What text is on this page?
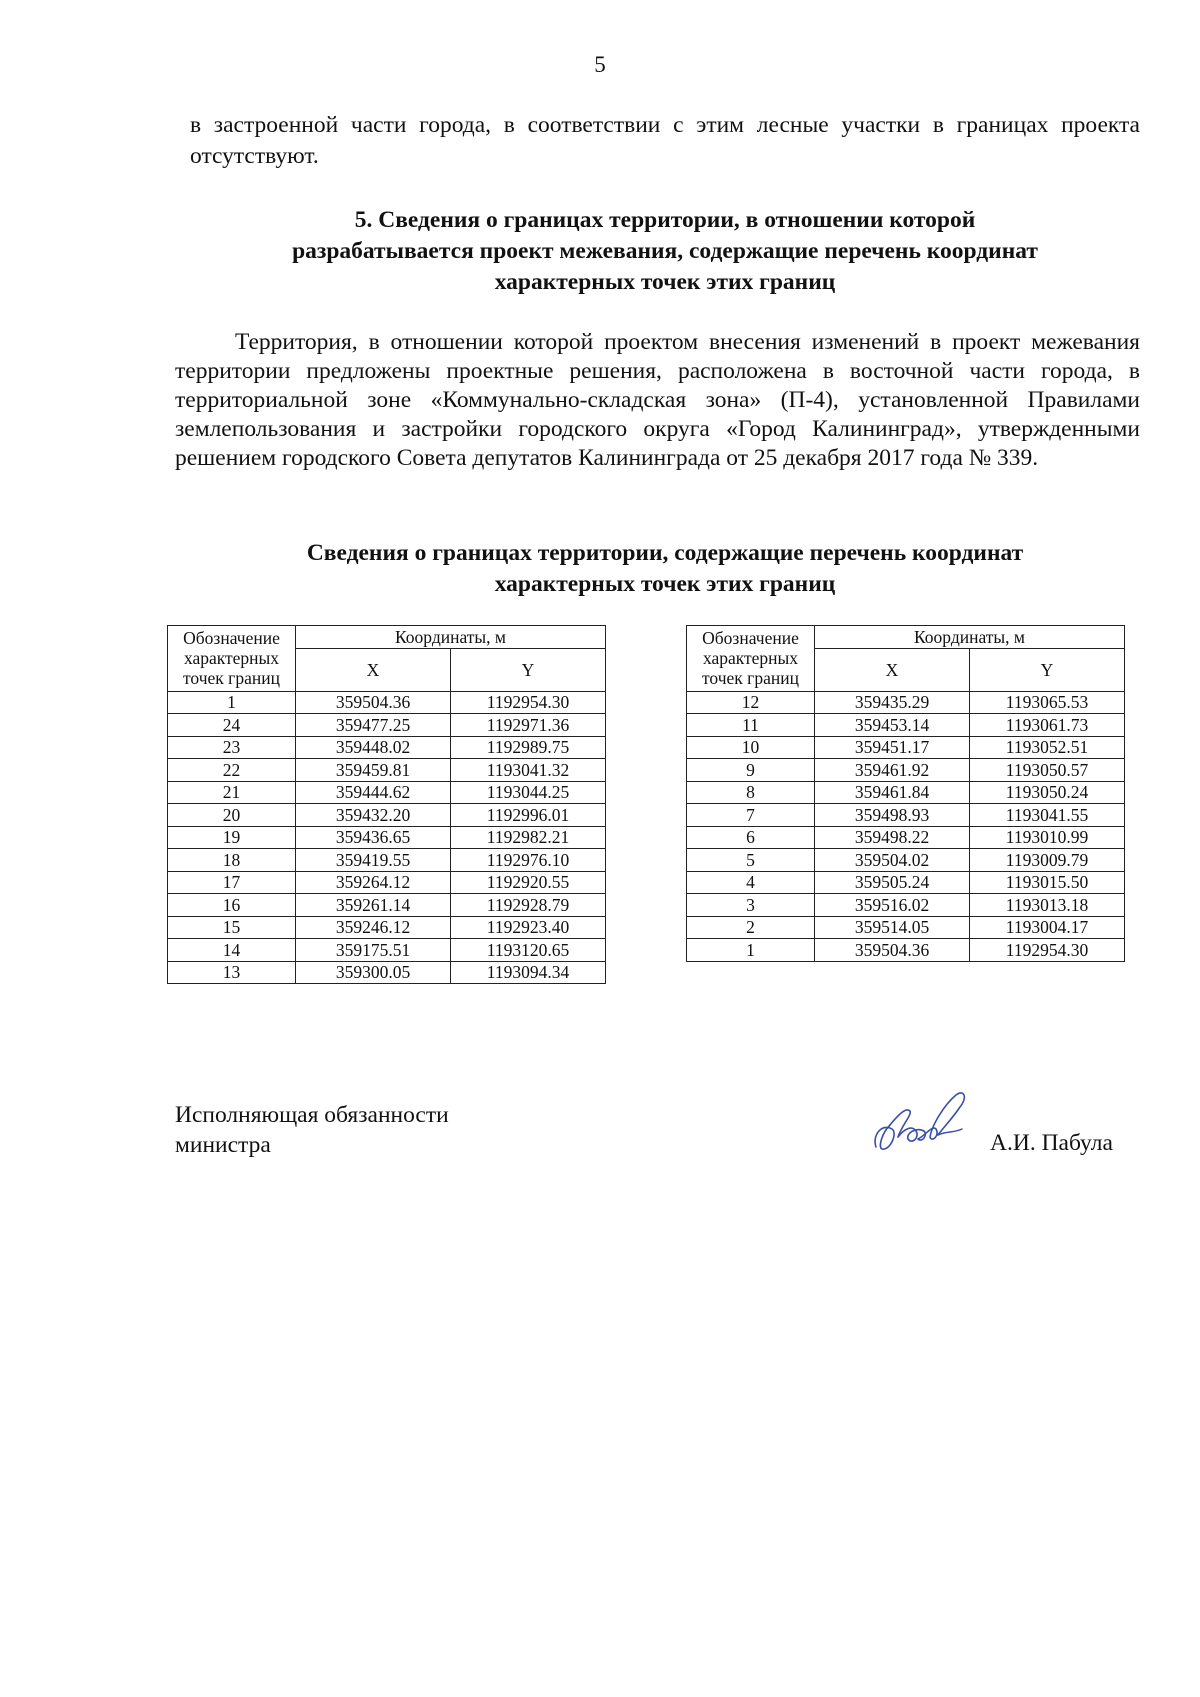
5

в застроенной части города, в соответствии с этим лесные участки в границах проекта отсутствуют.

5. Сведения о границах территории, в отношении которой
разрабатывается проект межевания, содержащие перечень координат
характерных точек этих границ

Территория, в отношении которой проектом внесения изменений в проект межевания территории предложены проектные решения, расположена в восточной части города, в территориальной зоне «Коммунально-складская зона» (П-4), установленной Правилами землепользования и застройки городского округа «Город Калининград», утвержденными решением городского Совета депутатов Калининграда от 25 декабря 2017 года № 339.

Сведения о границах территории, содержащие перечень координат
характерных точек этих границ
Обозначение характерных точек границ	Координаты, м	
	X	Y
1	359504.36	1192954.30
24	359477.25	1192971.36
23	359448.02	1192989.75
22	359459.81	1193041.32
21	359444.62	1193044.25
20	359432.20	1192996.01
19	359436.65	1192982.21
18	359419.55	1192976.10
17	359264.12	1192920.55
16	359261.14	1192928.79
15	359246.12	1192923.40
14	359175.51	1193120.65
13	359300.05	1193094.34
Обозначение характерных точек границ	Координаты, м	
	X	Y
12	359435.29	1193065.53
11	359453.14	1193061.73
10	359451.17	1193052.51
9	359461.92	1193050.57
8	359461.84	1193050.24
7	359498.93	1193041.55
6	359498.22	1193010.99
5	359504.02	1193009.79
4	359505.24	1193015.50
3	359516.02	1193013.18
2	359514.05	1193004.17
1	359504.36	1192954.30
Исполняющая обязанности
министра	А.И. Пабула
